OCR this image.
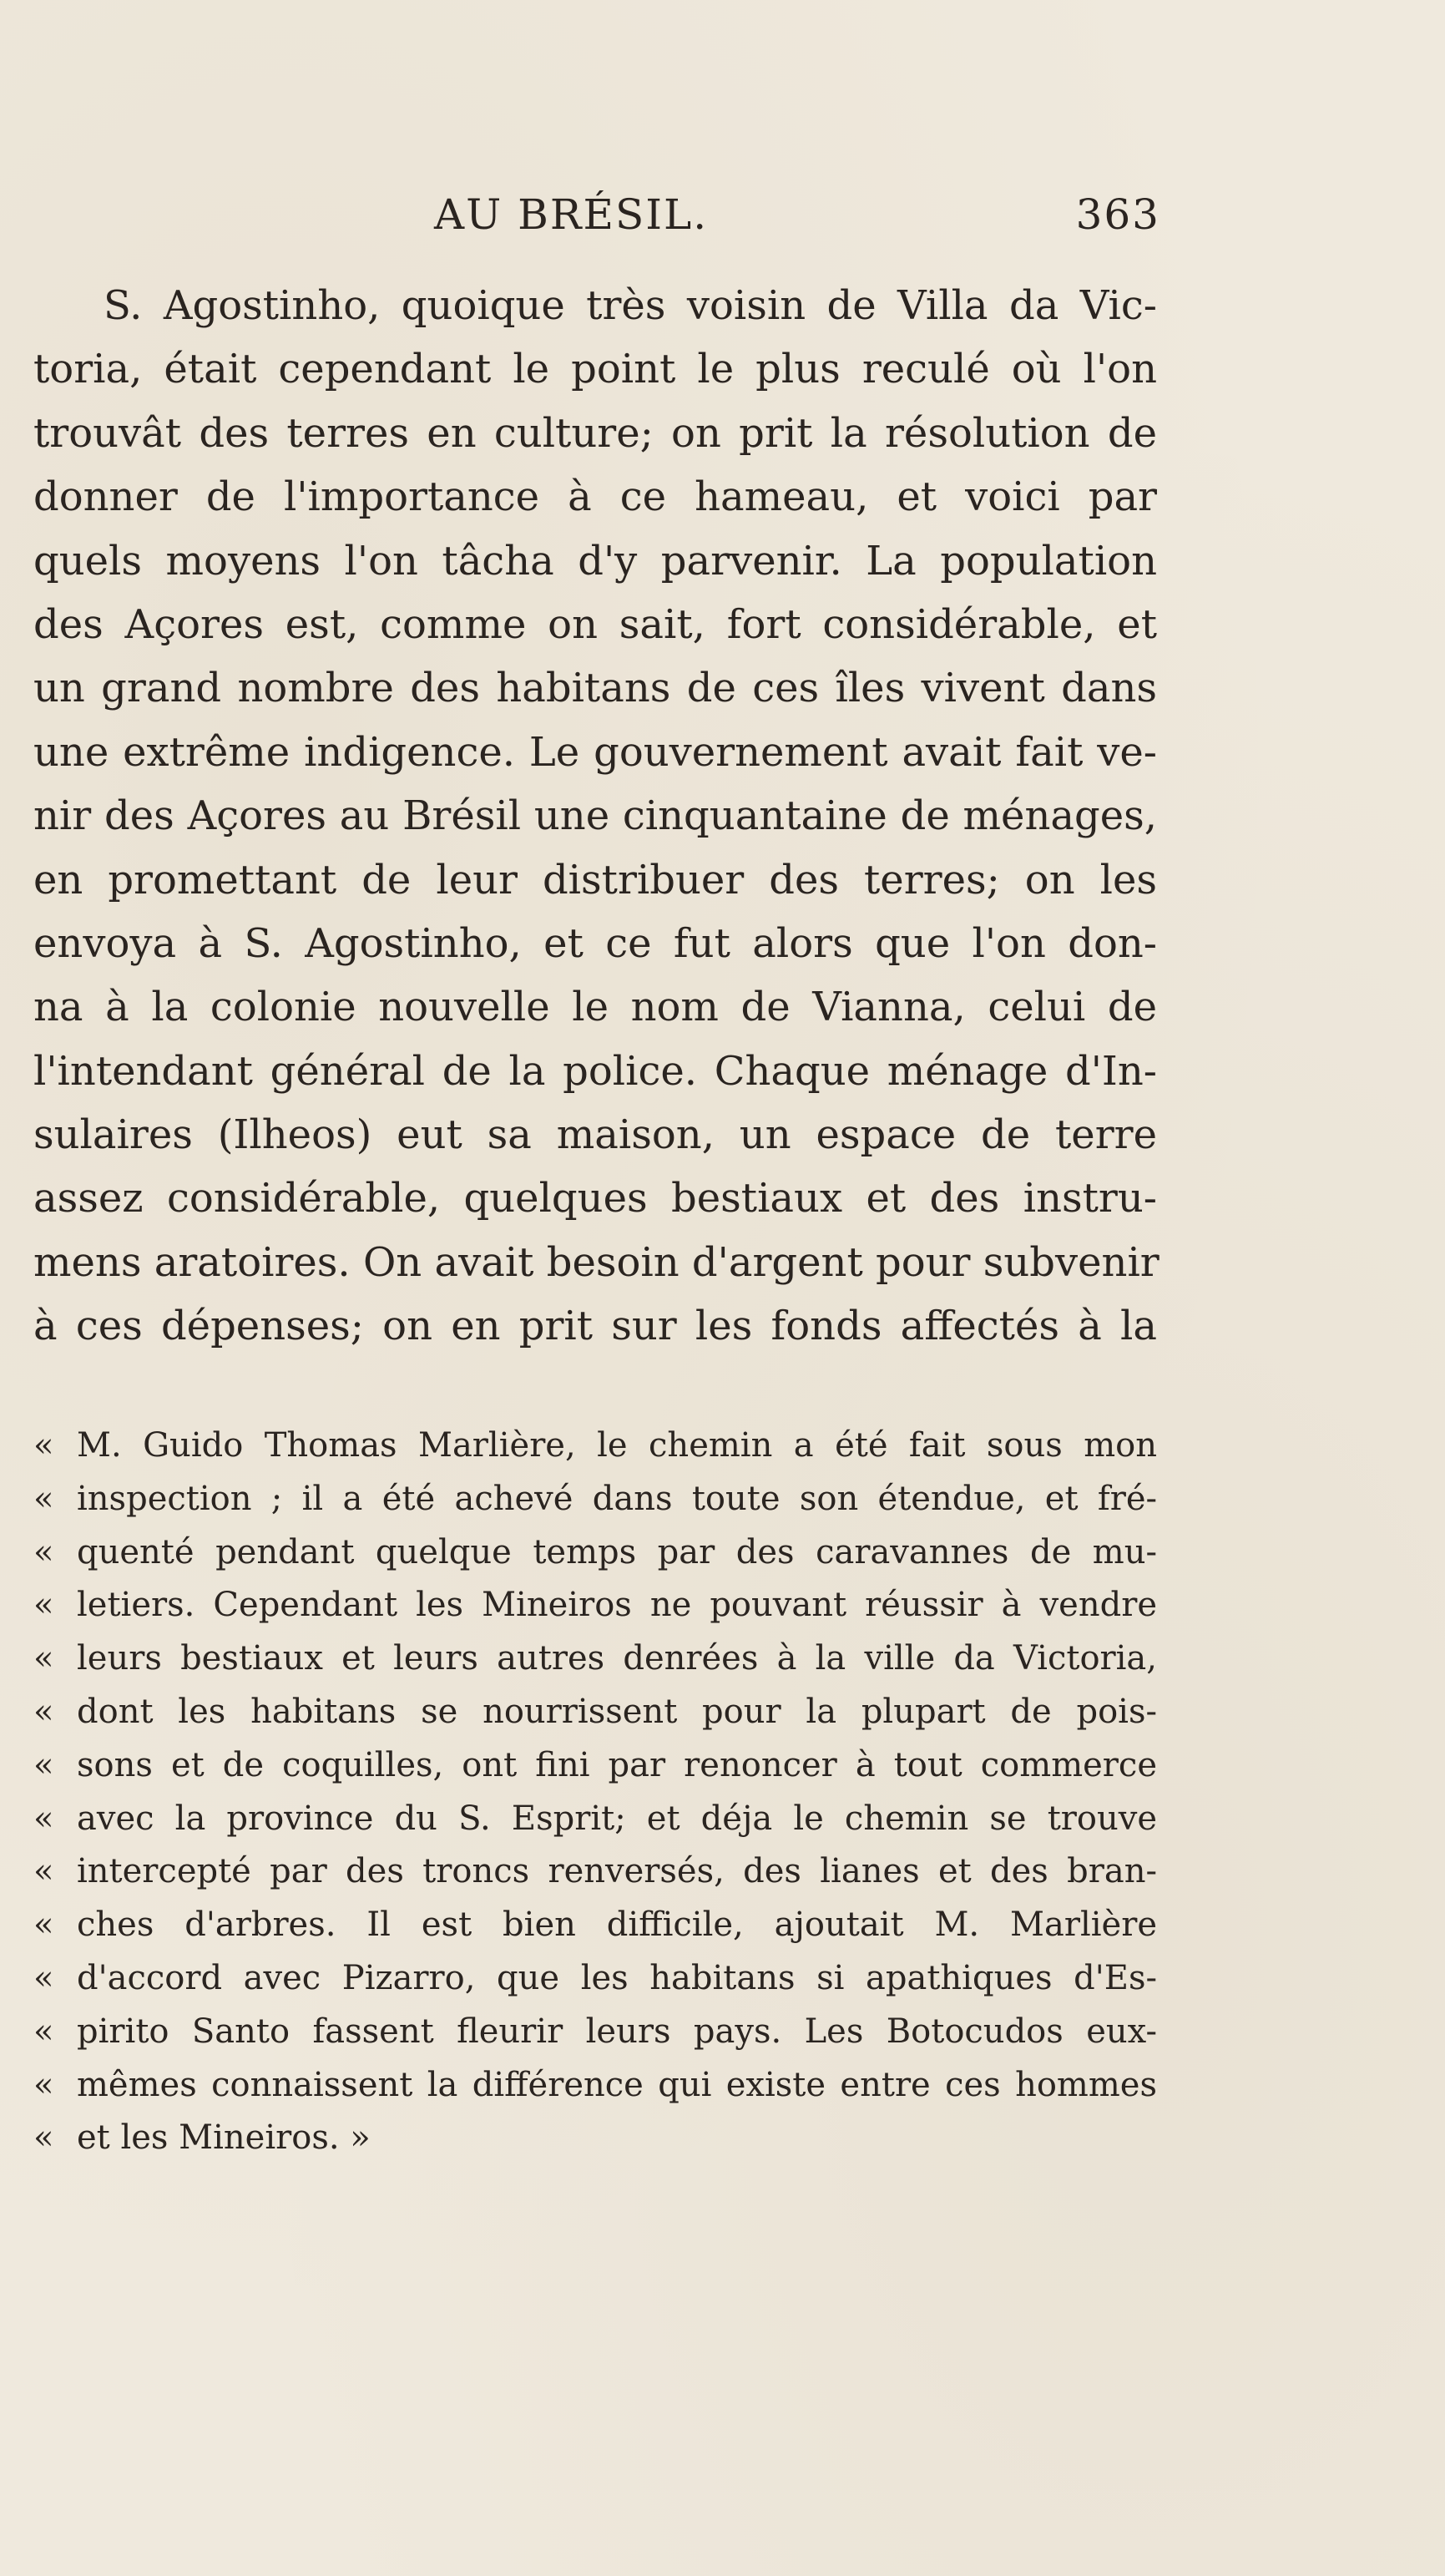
AU BRÉSIL.	363
S. Agostinho, quoique très voisin de Villa da Vic-
toria, était cependant le point le plus reculé où l'on
trouvât des terres en culture; on prit la résolution de
donner de l'importance à ce hameau, et voici par
quels moyens l'on tâcha d'y parvenir. La population
des Açores est, comme on sait, fort considérable, et
un grand nombre des habitans de ces îles vivent dans
une extrême indigence. Le gouvernement avait fait ve-
nir des Açores au Brésil une cinquantaine de ménages,
en promettant de leur distribuer des terres; on les
envoya à S. Agostinho, et ce fut alors que l'on don-
na à la colonie nouvelle le nom de Vianna, celui de
l'intendant général de la police. Chaque ménage d'In-
sulaires (Ilheos) eut sa maison, un espace de terre
assez considérable, quelques bestiaux et des instru-
mens aratoires. On avait besoin d'argent pour subvenir
à ces dépenses; on en prit sur les fonds affectés à la
« M. Guido Thomas Marlière, le chemin a été fait sous mon
« inspection ; il a été achevé dans toute son étendue, et fré-
« quenté pendant quelque temps par des caravannes de mu-
« letiers. Cependant les Mineiros ne pouvant réussir à vendre
« leurs bestiaux et leurs autres denrées à la ville da Victoria,
« dont les habitans se nourrissent pour la plupart de pois-
« sons et de coquilles, ont fini par renoncer à tout commerce
« avec la province du S. Esprit; et déja le chemin se trouve
« intercepté par des troncs renversés, des lianes et des bran-
« ches d'arbres. Il est bien difficile, ajoutait M. Marlière
« d'accord avec Pizarro, que les habitans si apathiques d'Es-
« pirito Santo fassent fleurir leurs pays. Les Botocudos eux-
« mêmes connaissent la différence qui existe entre ces hommes
« et les Mineiros. »
